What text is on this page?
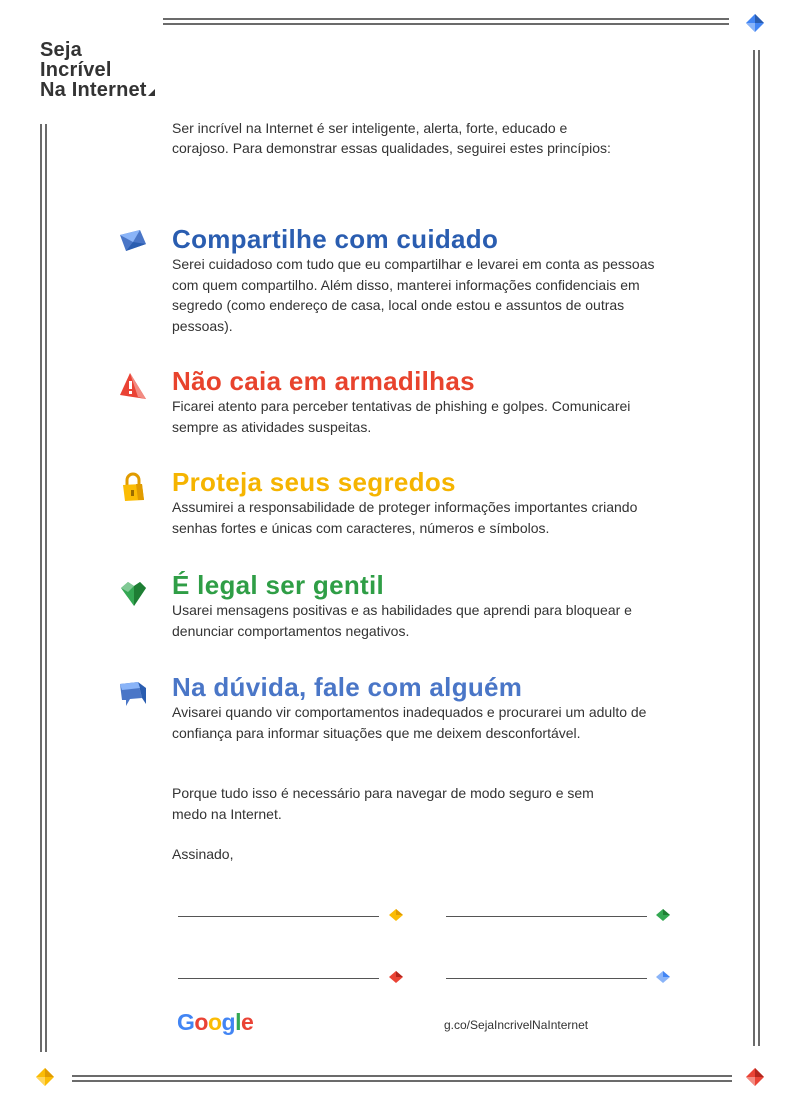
Seja
Incrível
Na Internet
Ser incrível na Internet é ser inteligente, alerta, forte, educado e corajoso. Para demonstrar essas qualidades, seguirei estes princípios:
Compartilhe com cuidado

Serei cuidadoso com tudo que eu compartilhar e levarei em conta as pessoas com quem compartilho. Além disso, manterei informações confidenciais em segredo (como endereço de casa, local onde estou e assuntos de outras pessoas).

Não caia em armadilhas

Ficarei atento para perceber tentativas de phishing e golpes. Comunicarei sempre as atividades suspeitas.

Proteja seus segredos

Assumirei a responsabilidade de proteger informações importantes criando senhas fortes e únicas com caracteres, números e símbolos.

É legal ser gentil

Usarei mensagens positivas e as habilidades que aprendi para bloquear e denunciar comportamentos negativos.

Na dúvida, fale com alguém

Avisarei quando vir comportamentos inadequados e procurarei um adulto de confiança para informar situações que me deixem desconfortável.

Porque tudo isso é necessário para navegar de modo seguro e sem medo na Internet.
Assinado,
Google	g.co/SejaIncrivelNaInternet
